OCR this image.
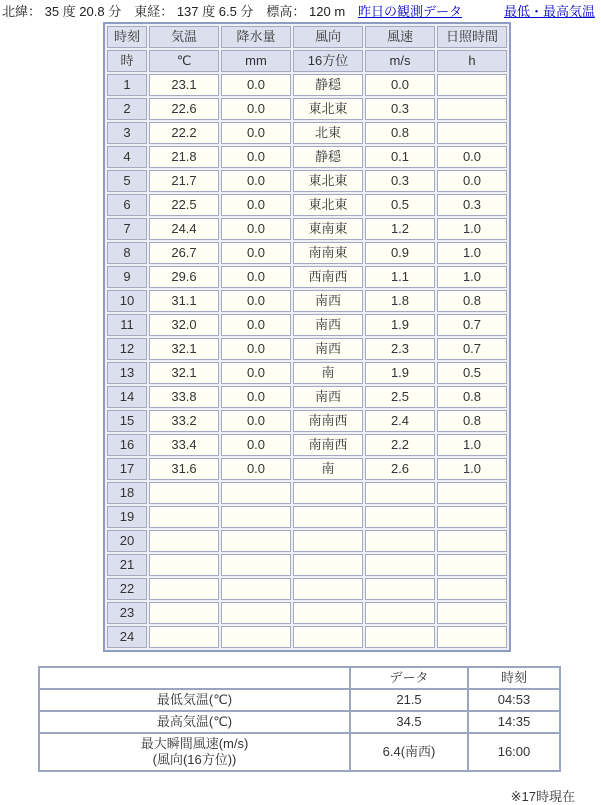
北緯： 35 度 20.8 分　東経： 137 度 6.5 分　標高： 120 m 昨日の観測データ	最低・最高気温
時刻	気温	降水量	風向	風速	日照時間
時	℃	mm	16方位	m/s	h
1	23.1	0.0	静穏	0.0	
2	22.6	0.0	東北東	0.3	
3	22.2	0.0	北東	0.8	
4	21.8	0.0	静穏	0.1	0.0
5	21.7	0.0	東北東	0.3	0.0
6	22.5	0.0	東北東	0.5	0.3
7	24.4	0.0	東南東	1.2	1.0
8	26.7	0.0	南南東	0.9	1.0
9	29.6	0.0	西南西	1.1	1.0
10	31.1	0.0	南西	1.8	0.8
11	32.0	0.0	南西	1.9	0.7
12	32.1	0.0	南西	2.3	0.7
13	32.1	0.0	南	1.9	0.5
14	33.8	0.0	南西	2.5	0.8
15	33.2	0.0	南南西	2.4	0.8
16	33.4	0.0	南南西	2.2	1.0
17	31.6	0.0	南	2.6	1.0
18					
19					
20					
21					
22					
23					
24					
	データ	時刻
最低気温(℃)	21.5	04:53
最高気温(℃)	34.5	14:35
最大瞬間風速(m/s)
(風向(16方位))	6.4(南西)	16:00
※17時現在
